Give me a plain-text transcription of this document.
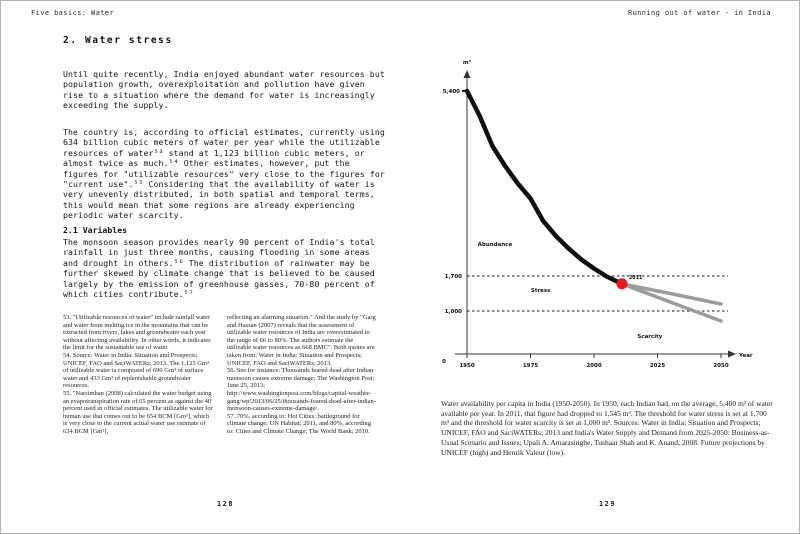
Five basics: Water
2. Water stress

Until quite recently, India enjoyed abundant water resources but population growth, overexploitation and pollution have given rise to a situation where the demand for water is increasingly exceeding the supply.

The country is, according to official estimates, currently using 634 billion cubic meters of water per year while the utilizable resources of water⁵³ stand at 1,123 billion cubic meters, or almost twice as much.⁵⁴ Other estimates, however, put the figures for "utilizable resources" very close to the figures for "current use".⁵⁵ Considering that the availability of water is very unevenly distributed, in both spatial and temporal terms, this would mean that some regions are already experiencing periodic water scarcity.

2.1 Variables

The monsoon season provides nearly 90 percent of India's total rainfall in just three months, causing flooding in some areas and drought in others.⁵⁶ The distribution of rainwater may be further skewed by climate change that is believed to be caused largely by the emission of greenhouse gasses, 70-80 percent of which cities contribute.⁵⁷

53. "Utilizable resources of water" include rainfall water and water from melting ice in the mountains that can be extracted from rivers, lakes and groundwater each year without affecting availability. In other words, it indicates the limit for the sustainable use of water.

54. Source: Water in India: Situation and Prospects; UNICEF, FAO and SaciWATERs; 2013. The 1,123 Gm³ of utilizable water is composed of 690 Gm³ of surface water and 433 Gm³ of replenishable groundwater resources.

55. "Narsimhan (2008) calculated the water budget using an evapotranspiration rate of 65 percent as against the 40 percent used in official estimates. The utilizable water for human use that comes out to be 654 BCM [Gm³], which is very close to the current actual water use estimate of 634 BCM [Gm³],

reflecting an alarming situation." And the study by "Garg and Hassan (2007) reveals that the assessment of utilizable water resources of India are overestimated to the range of 66 to 80%. The authors estimate the utilizable water resources as 668 BMC". Both quotes are taken from: Water in India: Situation and Prospects; UNICEF, FAO and SaciWATERs; 2013.

56. See for instance: Thousands feared dead after Indian monsoon causes extreme damage; The Washington Post; June 25, 2013; http://www.washingtonpost.com/blogs/capital-weather-gang/wp/2013/06/25/thousands-feared-dead-after-indian-monsoon-causes-extreme-damage/.

57. 70%, according to: Hot Cities: battleground for climate change; UN Habitat; 2011, and 80%, according to: Cities and Climate Change; The World Bank; 2010.

128
Running out of water - in India
m³
Year
0
5,400
1,700
1,000
1950	1975	2000	2025	2050
Abundance
Stress
Scarcity
2011

Water availability per capita in India (1950-2050). In 1950, each Indian had, on the average, 5,400 m³ of water available per year. In 2011, that figure had dropped to 1,545 m³. The threshold for water stress is set at 1,700 m³ and the threshold for water scarcity is set at 1,000 m³. Sources: Water in India: Situation and Prospects; UNICEF, FAO and SaciWATERs; 2013 and India's Water Supply and Demand from 2025-2050: Business-as-Usual Scenario and Issues; Upali A. Amarasinghe, Tushaar Shah and K. Anand; 2008. Future projections by UNICEF (high) and Henrik Valeur (low).

129
